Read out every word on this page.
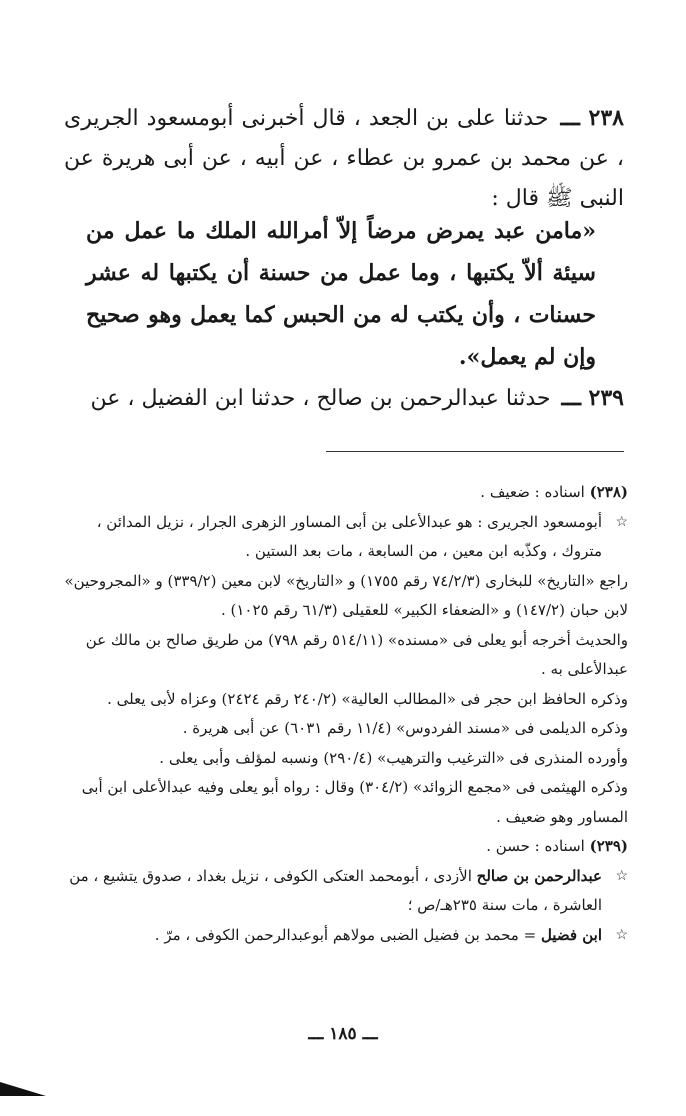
٢٣٨ ـــ حدثنا على بن الجعد ، قال أخبرنى أبومسعود الجريرى ، عن محمد بن عمرو بن عطاء ، عن أبيه ، عن أبى هريرة عن النبى ﷺ قال :
«مامن عبد يمرض مرضاً إلاّ أمرالله الملك ما عمل من سيئة ألاّ يكتبها ، وما عمل من حسنة أن يكتبها له عشر حسنات ، وأن يكتب له من الحبس كما يعمل وهو صحيح وإن لم يعمل».
٢٣٩ ـــ حدثنا عبدالرحمن بن صالح ، حدثنا ابن الفضيل ، عن

(٢٣٨) اسناده : ضعيف .

☆
أبومسعود الجريرى : هو عبدالأعلى بن أبى المساور الزهرى الجرار ، نزيل المدائن ، متروك ، وكذّبه ابن معين ، من السابعة ، مات بعد الستين .

راجع «التاريخ» للبخارى (٧٤/٢/٣ رقم ١٧٥٥) و «التاريخ» لابن معين (٣٣٩/٢) و «المجروحين» لابن حبان (١٤٧/٢) و «الضعفاء الكبير» للعقيلى (٦١/٣ رقم ١٠٢٥) .

والحديث أخرجه أبو يعلى فى «مسنده» (٥١٤/١١ رقم ٧٩٨) من طريق صالح بن مالك عن عبدالأعلى به .

وذكره الحافظ ابن حجر فى «المطالب العالية» (٢٤٠/٢ رقم ٢٤٢٤) وعزاه لأبى يعلى .

وذكره الديلمى فى «مسند الفردوس» (١١/٤ رقم ٦٠٣١) عن أبى هريرة .

وأورده المنذرى فى «الترغيب والترهيب» (٢٩٠/٤) ونسبه لمؤلف وأبى يعلى .

وذكره الهيثمى فى «مجمع الزوائد» (٣٠٤/٢) وقال : رواه أبو يعلى وفيه عبدالأعلى ابن أبى المساور وهو ضعيف .

(٢٣٩) اسناده : حسن .

☆
عبدالرحمن بن صالح الأزدى ، أبومحمد العتكى الكوفى ، نزيل بغداد ، صدوق يتشيع ، من العاشرة ، مات سنة ٢٣٥هـ/ص ؛

☆
ابن فضيل = محمد بن فضيل الضبى مولاهم أبوعبدالرحمن الكوفى ، مرّ .

ـــ ١٨٥ ـــ
